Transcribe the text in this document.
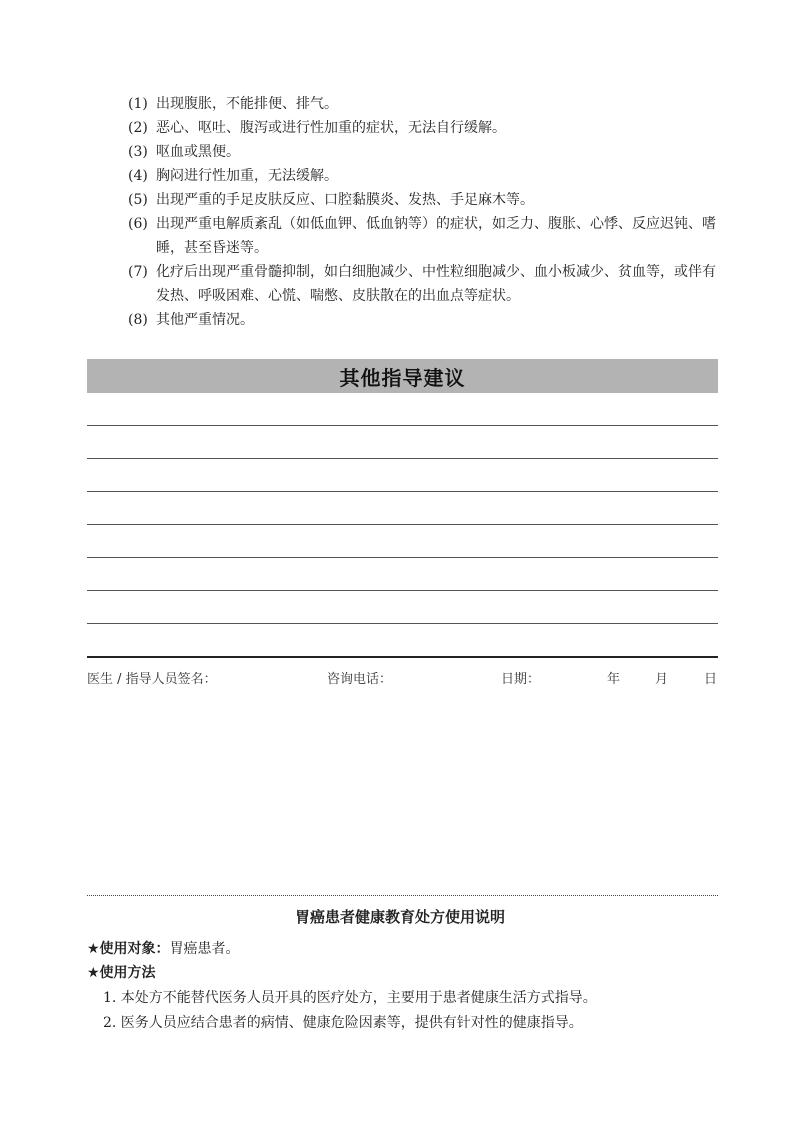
(1) 出现腹胀，不能排便、排气。
(2) 恶心、呕吐、腹泻或进行性加重的症状，无法自行缓解。
(3) 呕血或黑便。
(4) 胸闷进行性加重，无法缓解。
(5) 出现严重的手足皮肤反应、口腔黏膜炎、发热、手足麻木等。
(6) 出现严重电解质紊乱（如低血钾、低血钠等）的症状，如乏力、腹胀、心悸、反应迟钝、嗜睡，甚至昏迷等。
(7) 化疗后出现严重骨髓抑制，如白细胞减少、中性粒细胞减少、血小板减少、贫血等，或伴有发热、呼吸困难、心慌、喘憋、皮肤散在的出血点等症状。
(8) 其他严重情况。
其他指导建议
医生 / 指导人员签名：	咨询电话：	日期：	年	月	日
胃癌患者健康教育处方使用说明
★使用对象：胃癌患者。
★使用方法
1. 本处方不能替代医务人员开具的医疗处方，主要用于患者健康生活方式指导。
2. 医务人员应结合患者的病情、健康危险因素等，提供有针对性的健康指导。
